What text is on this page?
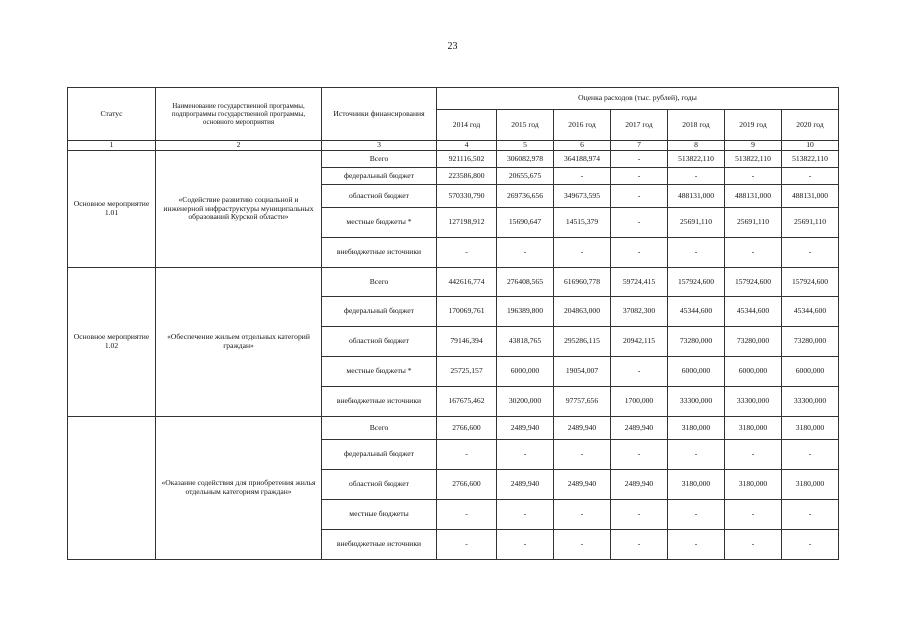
23
Статус	Наименование государственной программы, подпрограммы государственной программы, основного мероприятия	Источники финансирования	Оценка расходов (тыс. рублей), годы						
			2014 год	2015 год	2016 год	2017 год	2018 год	2019 год	2020 год
1	2	3	4	5	6	7	8	9	10
Основное мероприятие 1.01	«Содействие развитию социальной и инженерной инфраструктуры муниципальных образований Курской области»	Всего	921116,502	306082,978	364188,974	-	513822,110	513822,110	513822,110
		федеральный бюджет	223586,800	20655,675	-	-	-	-	-
		областной бюджет	570330,790	269736,656	349673,595	-	488131,000	488131,000	488131,000
		местные бюджеты *	127198,912	15690,647	14515,379	-	25691,110	25691,110	25691,110
		внебюджетные источники	-	-	-	-	-	-	-
Основное мероприятие 1.02	«Обеспечение жильем отдельных категорий граждан»	Всего	442616,774	276408,565	616960,778	59724,415	157924,600	157924,600	157924,600
		федеральный бюджет	170069,761	196389,800	204863,000	37082,300	45344,600	45344,600	45344,600
		областной бюджет	79146,394	43818,765	295286,115	20942,115	73280,000	73280,000	73280,000
		местные бюджеты *	25725,157	6000,000	19054,007	-	6000,000	6000,000	6000,000
		внебюджетные источники	167675,462	30200,000	97757,656	1700,000	33300,000	33300,000	33300,000
	«Оказание содействия для приобретения жилья отдельным категориям граждан»	Всего	2766,600	2489,940	2489,940	2489,940	3180,000	3180,000	3180,000
		федеральный бюджет	-	-	-	-	-	-	-
		областной бюджет	2766,600	2489,940	2489,940	2489,940	3180,000	3180,000	3180,000
		местные бюджеты	-	-	-	-	-	-	-
		внебюджетные источники	-	-	-	-	-	-	-
